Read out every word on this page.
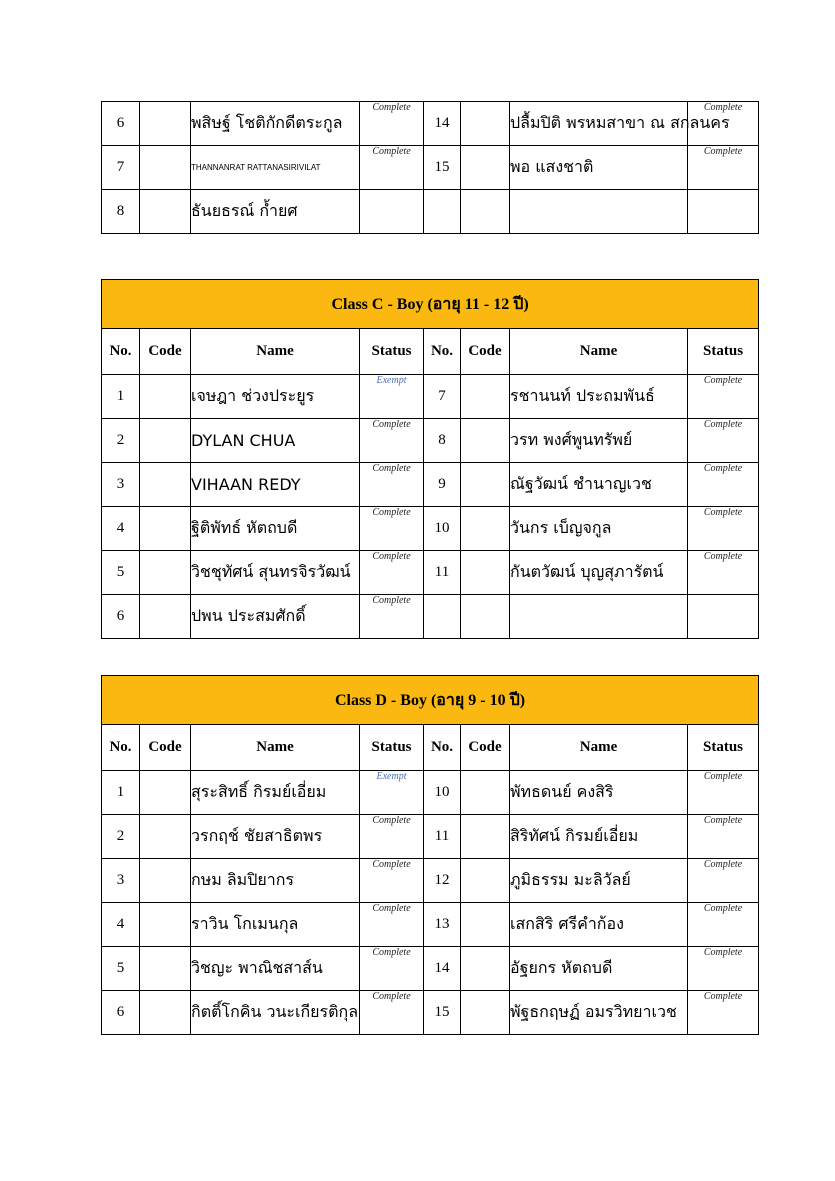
6		พสิษฐ์ โชติกักดีตระกูล	Complete	14		ปลื้มปิติ พรหมสาขา ณ สกลนคร	Complete
7		THANNANRAT RATTANASIRIVILAT	Complete	15		พอ แสงชาติ	Complete
8		ธันยธรณ์ ก้ำยศ					
Class C - Boy (อายุ 11 - 12 ปี)							
No.	Code	Name	Status	No.	Code	Name	Status
1		เจษฎา ช่วงประยูร	Exempt	7		รชานนท์ ประถมพันธ์	Complete
2		DYLAN CHUA	Complete	8		วรท พงศ์พูนทรัพย์	Complete
3		VIHAAN REDY	Complete	9		ณัฐวัฒน์ ชำนาญเวช	Complete
4		ฐิติพัทธ์ หัตถบดี	Complete	10		วันกร เบ็ญจกูล	Complete
5		วิชชุทัศน์ สุนทรจิรวัฒน์	Complete	11		กันตวัฒน์ บุญสุภารัตน์	Complete
6		ปพน ประสมศักดิ์	Complete				
Class D - Boy (อายุ 9 - 10 ปี)							
No.	Code	Name	Status	No.	Code	Name	Status
1		สุระสิทธิ์ กิรมย์เอี่ยม	Exempt	10		พัทธดนย์ คงสิริ	Complete
2		วรกฤช์ ชัยสาธิตพร	Complete	11		สิริทัศน์ กิรมย์เอี่ยม	Complete
3		กษม ลิมปิยากร	Complete	12		ภูมิธรรม มะลิวัลย์	Complete
4		ราวิน โกเมนกุล	Complete	13		เสกสิริ ศรีคำก้อง	Complete
5		วิชญะ พาณิชสาส์น	Complete	14		อัฐยกร หัตถบดี	Complete
6		กิตติ์โกคิน วนะเกียรติกุล	Complete	15		พัฐธกฤษฏ์ อมรวิทยาเวช	Complete
